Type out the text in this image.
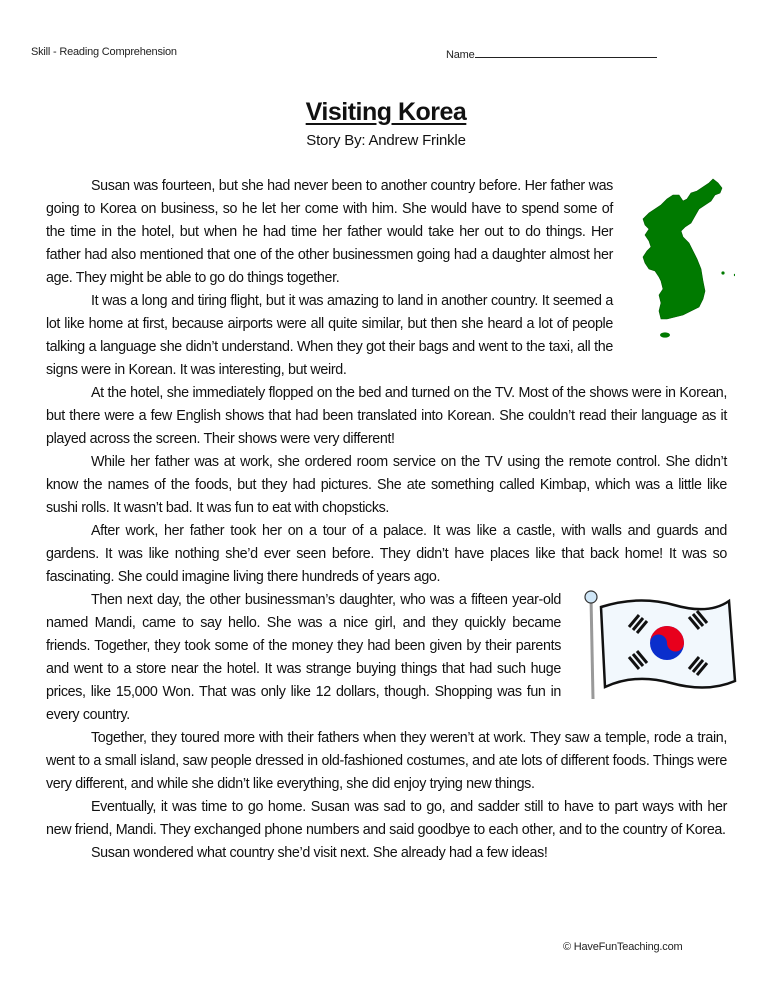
Skill - Reading Comprehension	Name
Visiting Korea
Story By: Andrew Frinkle

Susan was fourteen, but she had never been to another country before. Her father was going to Korea on business, so he let her come with him. She would have to spend some of the time in the hotel, but when he had time her father would take her out to do things. Her father had also mentioned that one of the other businessmen going had a daughter almost her age. They might be able to go do things together.

It was a long and tiring flight, but it was amazing to land in another country. It seemed a lot like home at first, because airports were all quite similar, but then she heard a lot of people talking a language she didn’t understand. When they got their bags and went to the taxi, all the signs were in Korean. It was interesting, but weird.

At the hotel, she immediately flopped on the bed and turned on the TV. Most of the shows were in Korean, but there were a few English shows that had been translated into Korean. She couldn’t read their language as it played across the screen. Their shows were very different!

While her father was at work, she ordered room service on the TV using the remote control. She didn’t know the names of the foods, but they had pictures. She ate something called Kimbap, which was a little like sushi rolls. It wasn’t bad. It was fun to eat with chopsticks.

After work, her father took her on a tour of a palace. It was like a castle, with walls and guards and gardens. It was like nothing she’d ever seen before. They didn’t have places like that back home! It was so fascinating. She could imagine living there hundreds of years ago.

Then next day, the other businessman’s daughter, who was a fifteen year-old named Mandi, came to say hello. She was a nice girl, and they quickly became friends. Together, they took some of the money they had been given by their parents and went to a store near the hotel. It was strange buying things that had such huge prices, like 15,000 Won. That was only like 12 dollars, though. Shopping was fun in every country.

Together, they toured more with their fathers when they weren’t at work. They saw a temple, rode a train, went to a small island, saw people dressed in old-fashioned costumes, and ate lots of different foods. Things were very different, and while she didn’t like everything, she did enjoy trying new things.

Eventually, it was time to go home. Susan was sad to go, and sadder still to have to part ways with her new friend, Mandi. They exchanged phone numbers and said goodbye to each other, and to the country of Korea.

Susan wondered what country she’d visit next. She already had a few ideas!

© HaveFunTeaching.com
